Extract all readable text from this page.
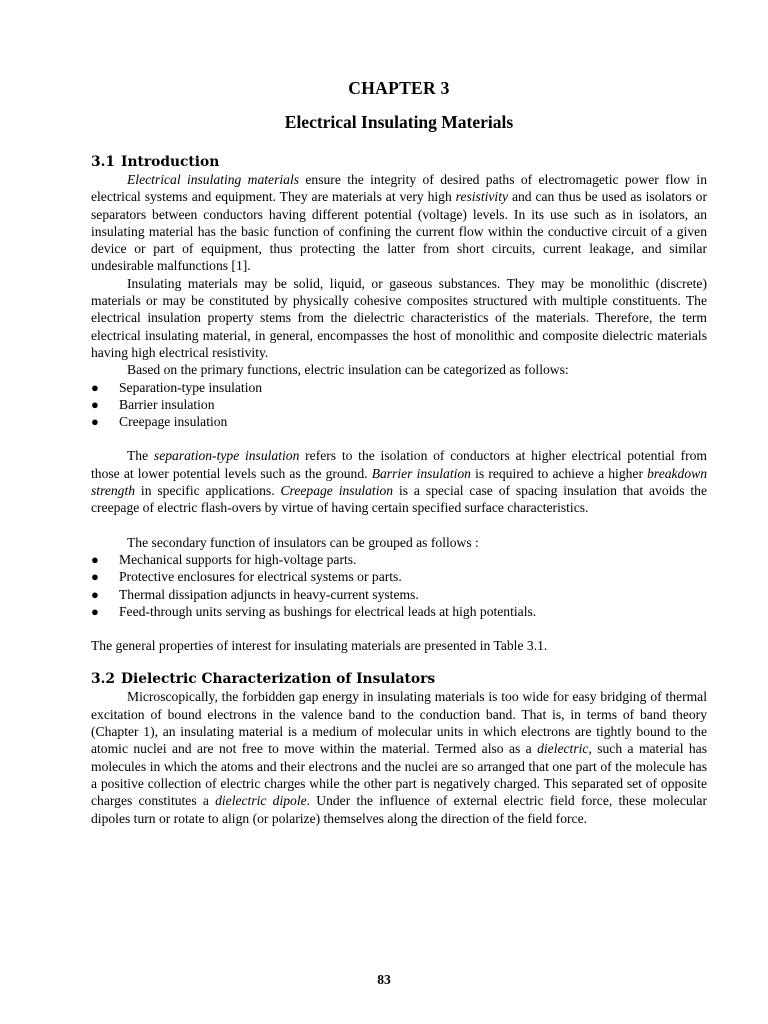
CHAPTER 3
Electrical Insulating Materials
3.1 Introduction

Electrical insulating materials ensure the integrity of desired paths of electromagetic power flow in electrical systems and equipment. They are materials at very high resistivity and can thus be used as isolators or separators between conductors having different potential (voltage) levels. In its use such as in isolators, an insulating material has the basic function of confining the current flow within the conductive circuit of a given device or part of equipment, thus protecting the latter from short circuits, current leakage, and similar undesirable malfunctions [1].

Insulating materials may be solid, liquid, or gaseous substances. They may be monolithic (discrete) materials or may be constituted by physically cohesive composites structured with multiple constituents. The electrical insulation property stems from the dielectric characteristics of the materials. Therefore, the term electrical insulating material, in general, encompasses the host of monolithic and composite dielectric materials having high electrical resistivity.

Based on the primary functions, electric insulation can be categorized as follows:

● Separation-type insulation
● Barrier insulation
● Creepage insulation

The separation-type insulation refers to the isolation of conductors at higher electrical potential from those at lower potential levels such as the ground. Barrier insulation is required to achieve a higher breakdown strength in specific applications. Creepage insulation is a special case of spacing insulation that avoids the creepage of electric flash-overs by virtue of having certain specified surface characteristics.

The secondary function of insulators can be grouped as follows :

● Mechanical supports for high-voltage parts.
● Protective enclosures for electrical systems or parts.
● Thermal dissipation adjuncts in heavy-current systems.
● Feed-through units serving as bushings for electrical leads at high potentials.

The general properties of interest for insulating materials are presented in Table 3.1.

3.2 Dielectric Characterization of Insulators

Microscopically, the forbidden gap energy in insulating materials is too wide for easy bridging of thermal excitation of bound electrons in the valence band to the conduction band. That is, in terms of band theory (Chapter 1), an insulating material is a medium of molecular units in which electrons are tightly bound to the atomic nuclei and are not free to move within the material. Termed also as a dielectric, such a material has molecules in which the atoms and their electrons and the nuclei are so arranged that one part of the molecule has a positive collection of electric charges while the other part is negatively charged. This separated set of opposite charges constitutes a dielectric dipole. Under the influence of external electric field force, these molecular dipoles turn or rotate to align (or polarize) themselves along the direction of the field force.

83
